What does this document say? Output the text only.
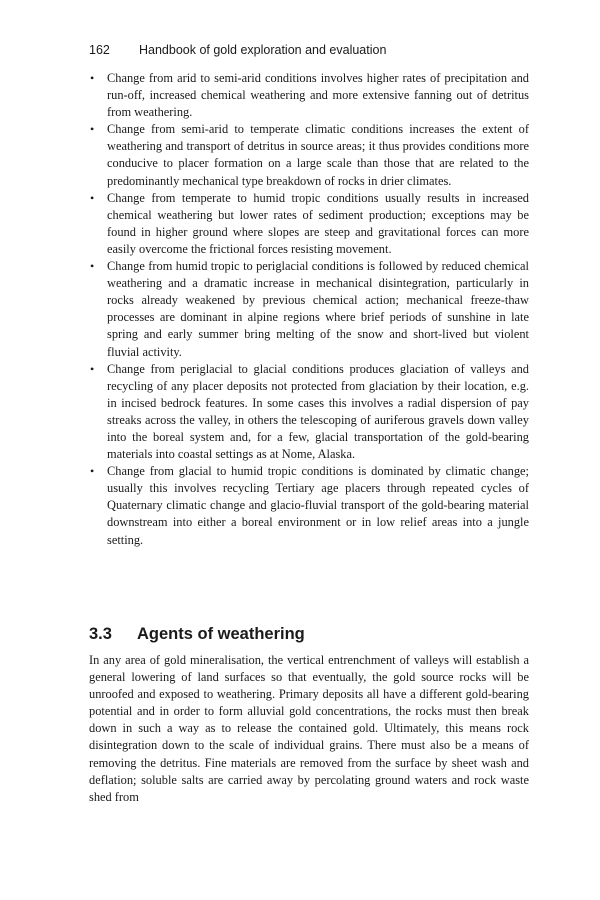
162 Handbook of gold exploration and evaluation
• Change from arid to semi-arid conditions involves higher rates of precipitation and run-off, increased chemical weathering and more extensive fanning out of detritus from weathering.
• Change from semi-arid to temperate climatic conditions increases the extent of weathering and transport of detritus in source areas; it thus provides conditions more conducive to placer formation on a large scale than those that are related to the predominantly mechanical type breakdown of rocks in drier climates.
• Change from temperate to humid tropic conditions usually results in increased chemical weathering but lower rates of sediment production; exceptions may be found in higher ground where slopes are steep and gravitational forces can more easily overcome the frictional forces resisting movement.
• Change from humid tropic to periglacial conditions is followed by reduced chemical weathering and a dramatic increase in mechanical disintegration, particularly in rocks already weakened by previous chemical action; mechanical freeze-thaw processes are dominant in alpine regions where brief periods of sunshine in late spring and early summer bring melting of the snow and short-lived but violent fluvial activity.
• Change from periglacial to glacial conditions produces glaciation of valleys and recycling of any placer deposits not protected from glaciation by their location, e.g. in incised bedrock features. In some cases this involves a radial dispersion of pay streaks across the valley, in others the telescoping of auriferous gravels down valley into the boreal system and, for a few, glacial transportation of the gold-bearing materials into coastal settings as at Nome, Alaska.
• Change from glacial to humid tropic conditions is dominated by climatic change; usually this involves recycling Tertiary age placers through repeated cycles of Quaternary climatic change and glacio-fluvial transport of the gold-bearing material downstream into either a boreal environment or in low relief areas into a jungle setting.
3.3 Agents of weathering

In any area of gold mineralisation, the vertical entrenchment of valleys will establish a general lowering of land surfaces so that eventually, the gold source rocks will be unroofed and exposed to weathering. Primary deposits all have a different gold-bearing potential and in order to form alluvial gold concentrations, the rocks must then break down in such a way as to release the contained gold. Ultimately, this means rock disintegration down to the scale of individual grains. There must also be a means of removing the detritus. Fine materials are removed from the surface by sheet wash and deflation; soluble salts are carried away by percolating ground waters and rock waste shed from
